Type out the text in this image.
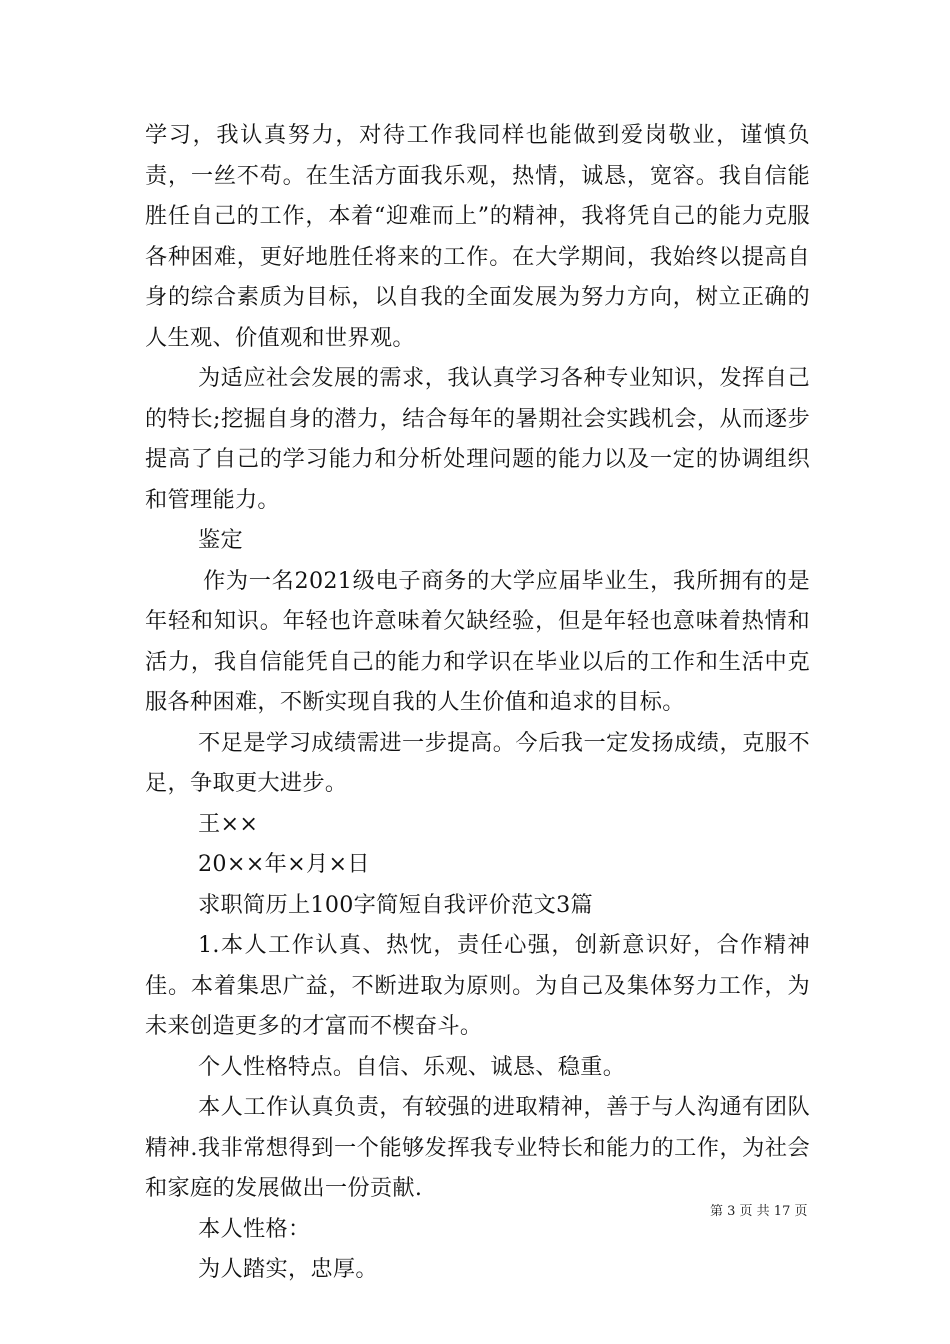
学习，我认真努力，对待工作我同样也能做到爱岗敬业，谨慎负责，一丝不苟。在生活方面我乐观，热情，诚恳，宽容。我自信能胜任自己的工作，本着“迎难而上”的精神，我将凭自己的能力克服各种困难，更好地胜任将来的工作。在大学期间，我始终以提高自身的综合素质为目标，以自我的全面发展为努力方向，树立正确的人生观、价值观和世界观。

为适应社会发展的需求，我认真学习各种专业知识，发挥自己的特长;挖掘自身的潜力，结合每年的暑期社会实践机会，从而逐步提高了自己的学习能力和分析处理问题的能力以及一定的协调组织和管理能力。

鉴定

作为一名2021级电子商务的大学应届毕业生，我所拥有的是年轻和知识。年轻也许意味着欠缺经验，但是年轻也意味着热情和活力，我自信能凭自己的能力和学识在毕业以后的工作和生活中克服各种困难，不断实现自我的人生价值和追求的目标。

不足是学习成绩需进一步提高。今后我一定发扬成绩，克服不足，争取更大进步。

王××

20××年×月×日

求职简历上100字简短自我评价范文3篇

1.本人工作认真、热忱，责任心强，创新意识好，合作精神佳。本着集思广益，不断进取为原则。为自己及集体努力工作，为未来创造更多的才富而不楔奋斗。

个人性格特点。自信、乐观、诚恳、稳重。

本人工作认真负责，有较强的进取精神，善于与人沟通有团队精神.我非常想得到一个能够发挥我专业特长和能力的工作，为社会和家庭的发展做出一份贡献.

本人性格：

为人踏实，忠厚。

第 3 页 共 17 页
